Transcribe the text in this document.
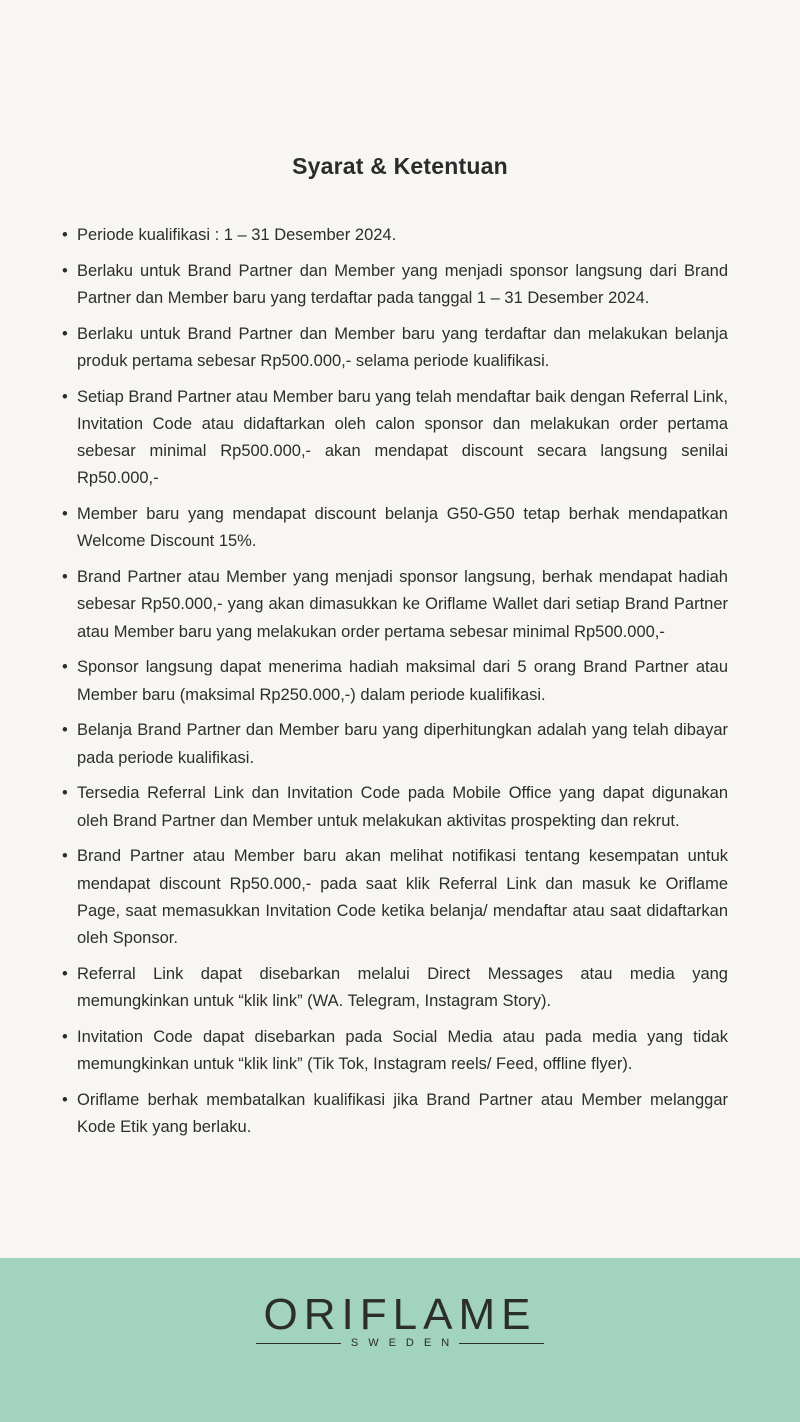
Syarat & Ketentuan
• Periode kualifikasi : 1 – 31 Desember 2024.
• Berlaku untuk Brand Partner dan Member yang menjadi sponsor langsung dari Brand Partner dan Member baru yang terdaftar pada tanggal 1 – 31 Desember 2024.
• Berlaku untuk Brand Partner dan Member baru yang terdaftar dan melakukan belanja produk pertama sebesar Rp500.000,- selama periode kualifikasi.
• Setiap Brand Partner atau Member baru yang telah mendaftar baik dengan Referral Link, Invitation Code atau didaftarkan oleh calon sponsor dan melakukan order pertama sebesar minimal Rp500.000,- akan mendapat discount secara langsung senilai Rp50.000,-
• Member baru yang mendapat discount belanja G50-G50 tetap berhak mendapatkan Welcome Discount 15%.
• Brand Partner atau Member yang menjadi sponsor langsung, berhak mendapat hadiah sebesar Rp50.000,- yang akan dimasukkan ke Oriflame Wallet dari setiap Brand Partner atau Member baru yang melakukan order pertama sebesar minimal Rp500.000,-
• Sponsor langsung dapat menerima hadiah maksimal dari 5 orang Brand Partner atau Member baru (maksimal Rp250.000,-) dalam periode kualifikasi.
• Belanja Brand Partner dan Member baru yang diperhitungkan adalah yang telah dibayar pada periode kualifikasi.
• Tersedia Referral Link dan Invitation Code pada Mobile Office yang dapat digunakan oleh Brand Partner dan Member untuk melakukan aktivitas prospekting dan rekrut.
• Brand Partner atau Member baru akan melihat notifikasi tentang kesempatan untuk mendapat discount Rp50.000,- pada saat klik Referral Link dan masuk ke Oriflame Page, saat memasukkan Invitation Code ketika belanja/ mendaftar atau saat didaftarkan oleh Sponsor.
• Referral Link dapat disebarkan melalui Direct Messages atau media yang memungkinkan untuk “klik link” (WA. Telegram, Instagram Story).
• Invitation Code dapat disebarkan pada Social Media atau pada media yang tidak memungkinkan untuk “klik link” (Tik Tok, Instagram reels/ Feed, offline flyer).
• Oriflame berhak membatalkan kualifikasi jika Brand Partner atau Member melanggar Kode Etik yang berlaku.
ORIFLAME
SWEDEN
